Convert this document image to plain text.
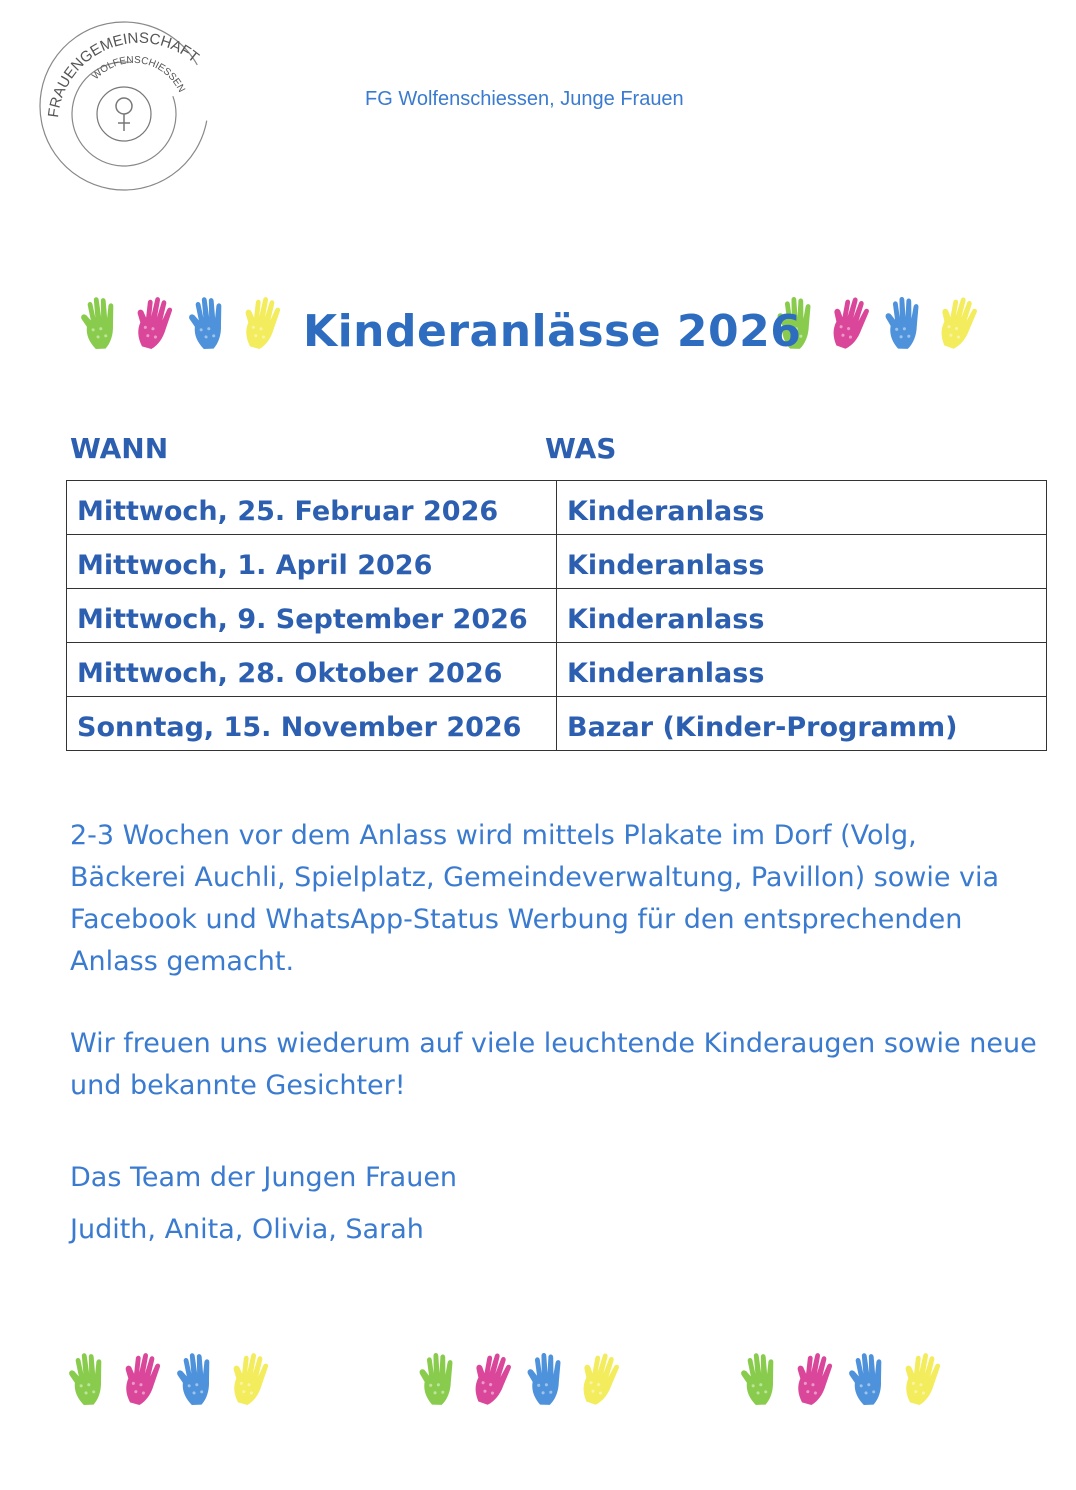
FRAUENGEMEINSCHAFT
WOLFENSCHIESSEN	FG Wolfenschiessen, Junge Frauen
Kinderanlässe 2026
WANN	WAS
Mittwoch, 25. Februar 2026	Kinderanlass
Mittwoch, 1. April 2026	Kinderanlass
Mittwoch, 9. September 2026	Kinderanlass
Mittwoch, 28. Oktober 2026	Kinderanlass
Sonntag, 15. November 2026	Bazar (Kinder-Programm)
2-3 Wochen vor dem Anlass wird mittels Plakate im Dorf (Volg, Bäckerei Auchli, Spielplatz, Gemeindeverwaltung, Pavillon) sowie via Facebook und WhatsApp-Status Werbung für den entsprechenden Anlass gemacht.
Wir freuen uns wiederum auf viele leuchtende Kinderaugen sowie neue und bekannte Gesichter!
Das Team der Jungen Frauen
Judith, Anita, Olivia, Sarah
